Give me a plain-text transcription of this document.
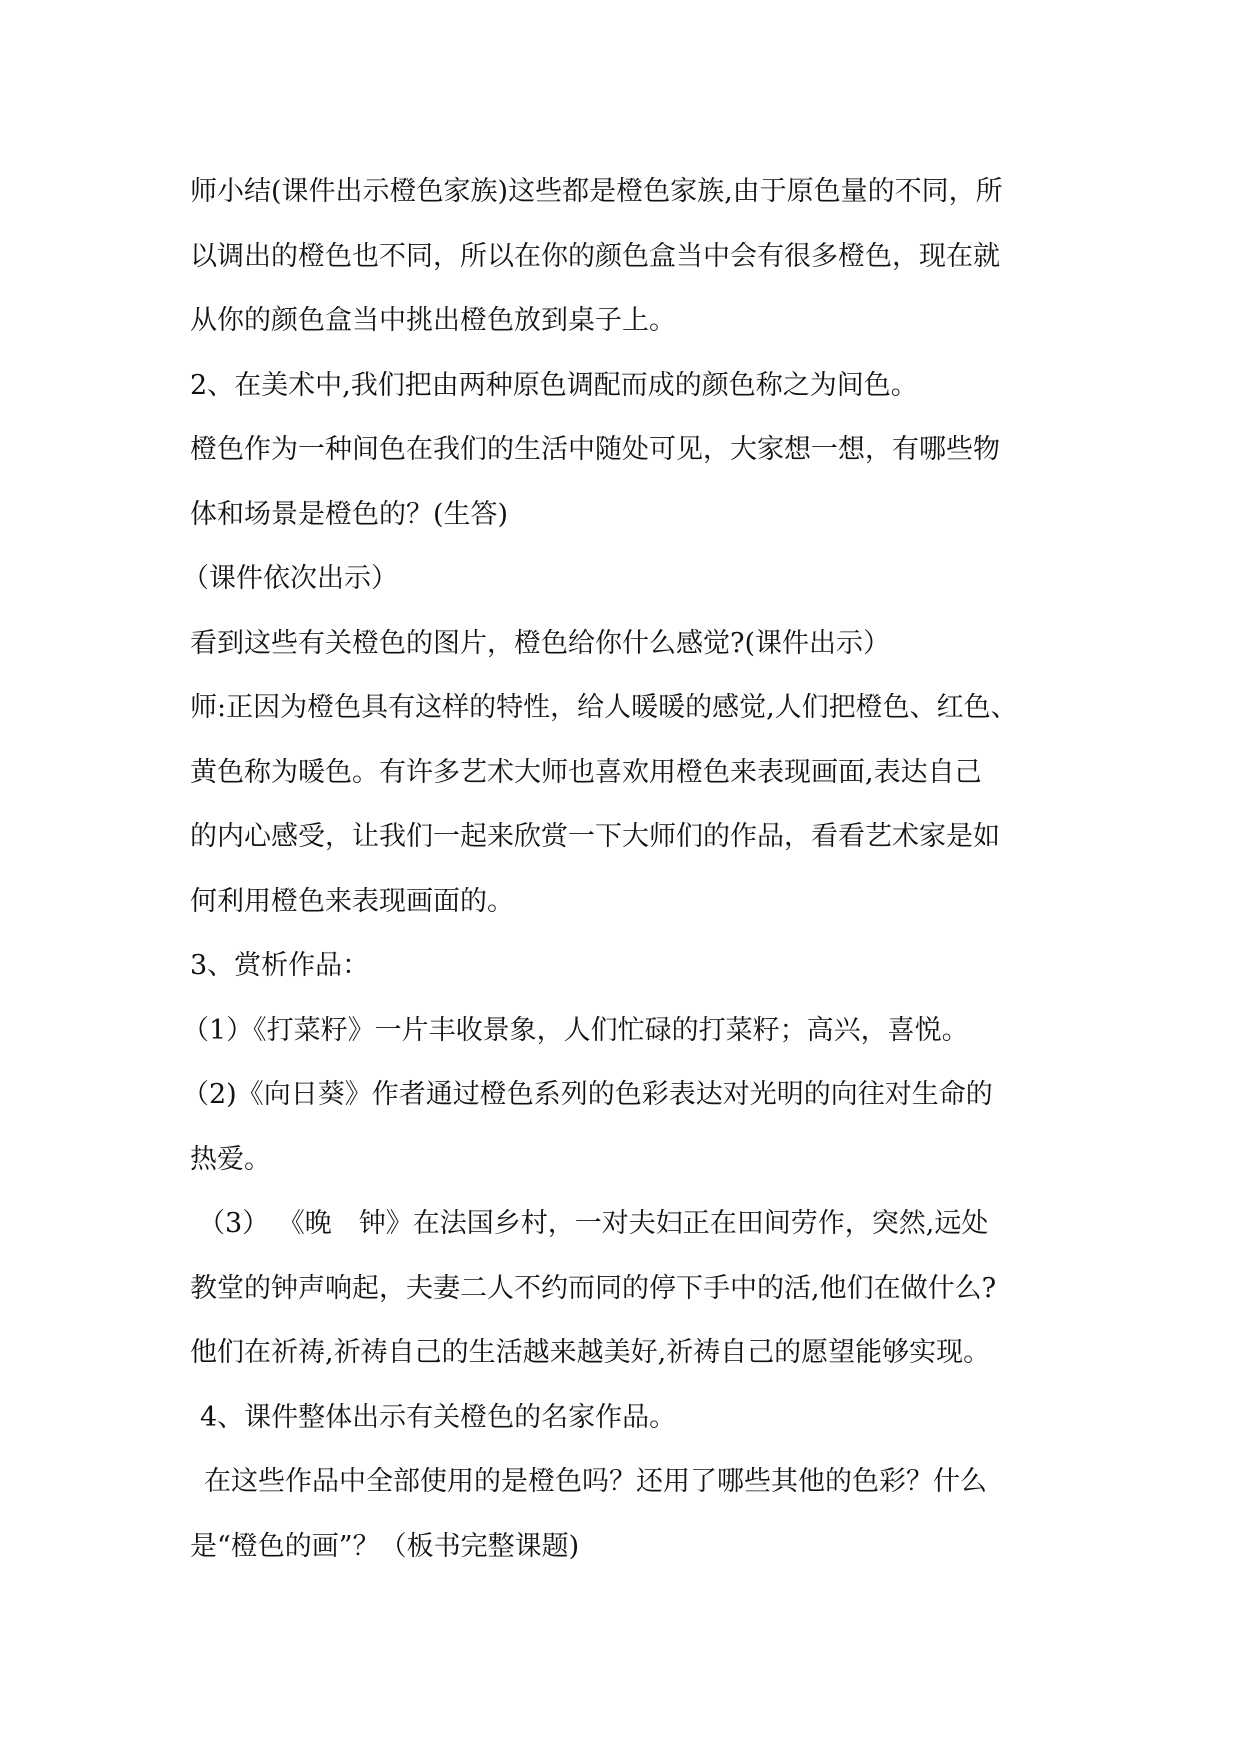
师小结(课件出示橙色家族)这些都是橙色家族,由于原色量的不同，所
以调出的橙色也不同，所以在你的颜色盒当中会有很多橙色，现在就
从你的颜色盒当中挑出橙色放到桌子上。
2、在美术中,我们把由两种原色调配而成的颜色称之为间色。
橙色作为一种间色在我们的生活中随处可见，大家想一想，有哪些物
体和场景是橙色的？(生答)
（课件依次出示）
看到这些有关橙色的图片，橙色给你什么感觉?(课件出示）
师:正因为橙色具有这样的特性，给人暖暖的感觉,人们把橙色、红色、
黄色称为暖色。有许多艺术大师也喜欢用橙色来表现画面,表达自己
的内心感受，让我们一起来欣赏一下大师们的作品，看看艺术家是如
何利用橙色来表现画面的。
3、赏析作品：
（1）《打菜籽》一片丰收景象，人们忙碌的打菜籽；高兴，喜悦。
（2)《向日葵》作者通过橙色系列的色彩表达对光明的向往对生命的
热爱。
（3） 《晚　钟》在法国乡村，一对夫妇正在田间劳作，突然,远处
教堂的钟声响起，夫妻二人不约而同的停下手中的活,他们在做什么?
他们在祈祷,祈祷自己的生活越来越美好,祈祷自己的愿望能够实现。
4、课件整体出示有关橙色的名家作品。
在这些作品中全部使用的是橙色吗？还用了哪些其他的色彩？什么
是“橙色的画”？（板书完整课题)
